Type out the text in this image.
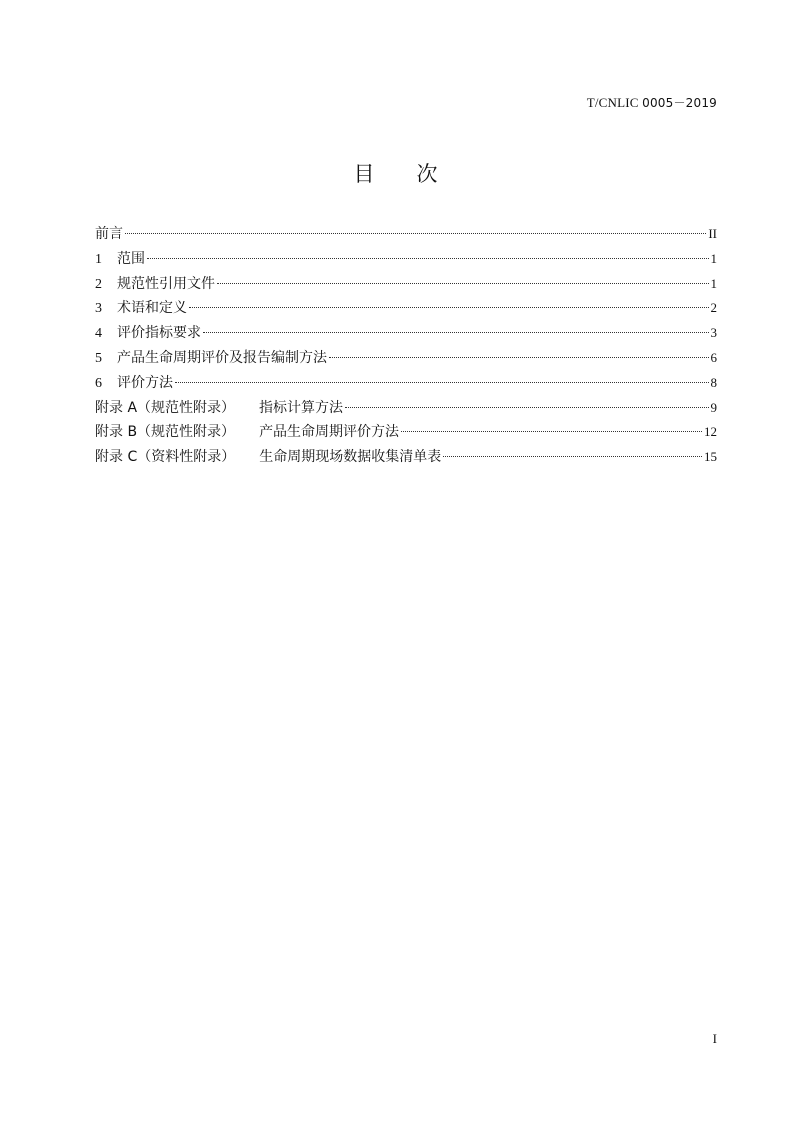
T/CNLIC 0005－2019
目 次
前言	II
1	范围	1
2	规范性引用文件	1
3	术语和定义	2
4	评价指标要求	3
5	产品生命周期评价及报告编制方法	6
6	评价方法	8
附录 A（规范性附录） 指标计算方法	9
附录 B（规范性附录） 产品生命周期评价方法	12
附录 C（资料性附录） 生命周期现场数据收集清单表	15
I
